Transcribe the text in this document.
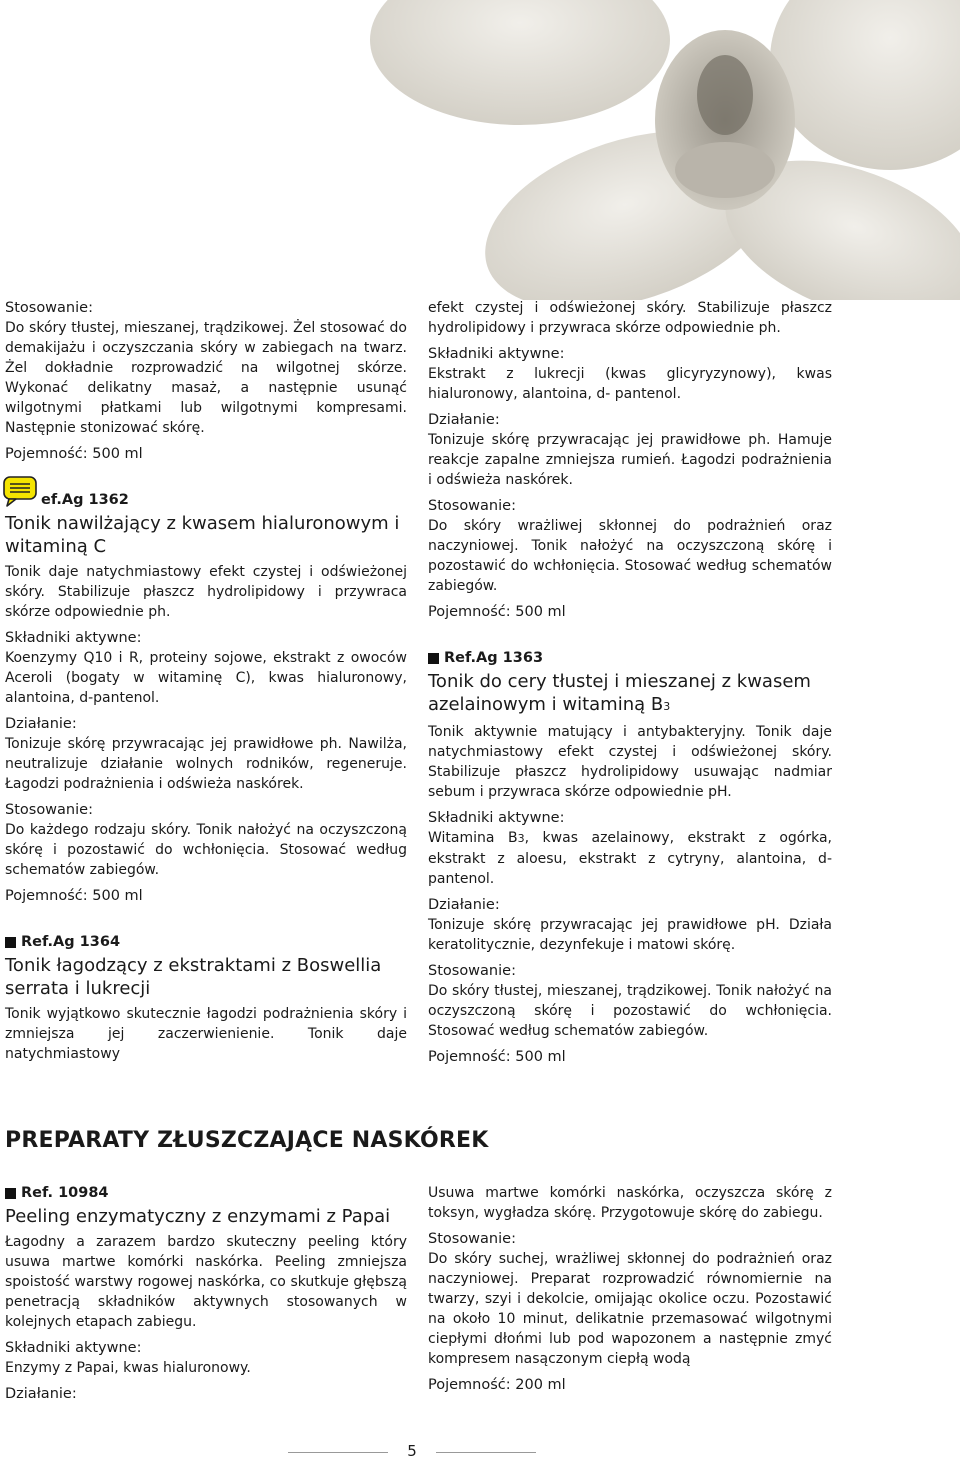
Stosowanie:

Do skóry tłustej, mieszanej, trądzikowej. Żel stosować do demakijażu i oczyszczania skóry w zabiegach na twarz. Żel dokładnie rozprowadzić na wilgotnej skórze. Wykonać delikatny masaż, a następnie usunąć wilgotnymi płatkami lub wilgotnymi kompresami. Następnie stonizować skórę.

Pojemność: 500 ml
ef.Ag 1362
Tonik nawilżający z kwasem hialuronowym i witaminą C

Tonik daje natychmiastowy efekt czystej i odświeżonej skóry. Stabilizuje płaszcz hydrolipidowy i przywraca skórze odpowiednie ph.

Składniki aktywne:

Koenzymy Q10 i R, proteiny sojowe, ekstrakt z owoców Aceroli (bogaty w witaminę C), kwas hialuronowy, alantoina, d-pantenol.

Działanie:

Tonizuje skórę przywracając jej prawidłowe ph. Nawilża, neutralizuje działanie wolnych rodników, regeneruje. Łagodzi podrażnienia i odświeża naskórek.

Stosowanie:

Do każdego rodzaju skóry. Tonik nałożyć na oczyszczoną skórę i pozostawić do wchłonięcia. Stosować według schematów zabiegów.

Pojemność: 500 ml
Ref.Ag 1364
Tonik łagodzący z ekstraktami z Boswellia serrata i lukrecji

Tonik wyjątkowo skutecznie łagodzi podrażnienia skóry i zmniejsza jej zaczerwienienie. Tonik daje natychmiastowy

efekt czystej i odświeżonej skóry. Stabilizuje płaszcz hydrolipidowy i przywraca skórze odpowiednie ph.

Składniki aktywne:

Ekstrakt z lukrecji (kwas glicyryzynowy), kwas hialuronowy, alantoina, d- pantenol.

Działanie:

Tonizuje skórę przywracając jej prawidłowe ph. Hamuje reakcje zapalne zmniejsza rumień. Łagodzi podrażnienia i odświeża naskórek.

Stosowanie:

Do skóry wrażliwej skłonnej do podrażnień oraz naczyniowej. Tonik nałożyć na oczyszczoną skórę i pozostawić do wchłonięcia. Stosować według schematów zabiegów.

Pojemność: 500 ml
Ref.Ag 1363
Tonik do cery tłustej i mieszanej z kwasem azelainowym i witaminą B3

Tonik aktywnie matujący i antybakteryjny. Tonik daje natychmiastowy efekt czystej i odświeżonej skóry. Stabilizuje płaszcz hydrolipidowy usuwając nadmiar sebum i przywraca skórze odpowiednie pH.

Składniki aktywne:

Witamina B3, kwas azelainowy, ekstrakt z ogórka, ekstrakt z aloesu, ekstrakt z cytryny, alantoina, d-pantenol.

Działanie:

Tonizuje skórę przywracając jej prawidłowe pH. Działa keratolitycznie, dezynfekuje i matowi skórę.

Stosowanie:

Do skóry tłustej, mieszanej, trądzikowej. Tonik nałożyć na oczyszczoną skórę i pozostawić do wchłonięcia. Stosować według schematów zabiegów.

Pojemność: 500 ml
PREPARATY ZŁUSZCZAJĄCE NASKÓREK
Ref. 10984
Peeling enzymatyczny z enzymami z Papai

Łagodny a zarazem bardzo skuteczny peeling który usuwa martwe komórki naskórka. Peeling zmniejsza spoistość warstwy rogowej naskórka, co skutkuje głębszą penetracją składników aktywnych stosowanych w kolejnych etapach zabiegu.

Składniki aktywne:

Enzymy z Papai, kwas hialuronowy.

Działanie:

Usuwa martwe komórki naskórka, oczyszcza skórę z toksyn, wygładza skórę. Przygotowuje skórę do zabiegu.

Stosowanie:

Do skóry suchej, wrażliwej skłonnej do podrażnień oraz naczyniowej. Preparat rozprowadzić równomiernie na twarzy, szyi i dekolcie, omijając okolice oczu. Pozostawić na około 10 minut, delikatnie przemasować wilgotnymi ciepłymi dłońmi lub pod wapozonem a następnie zmyć kompresem nasączonym ciepłą wodą

Pojemność: 200 ml
5
